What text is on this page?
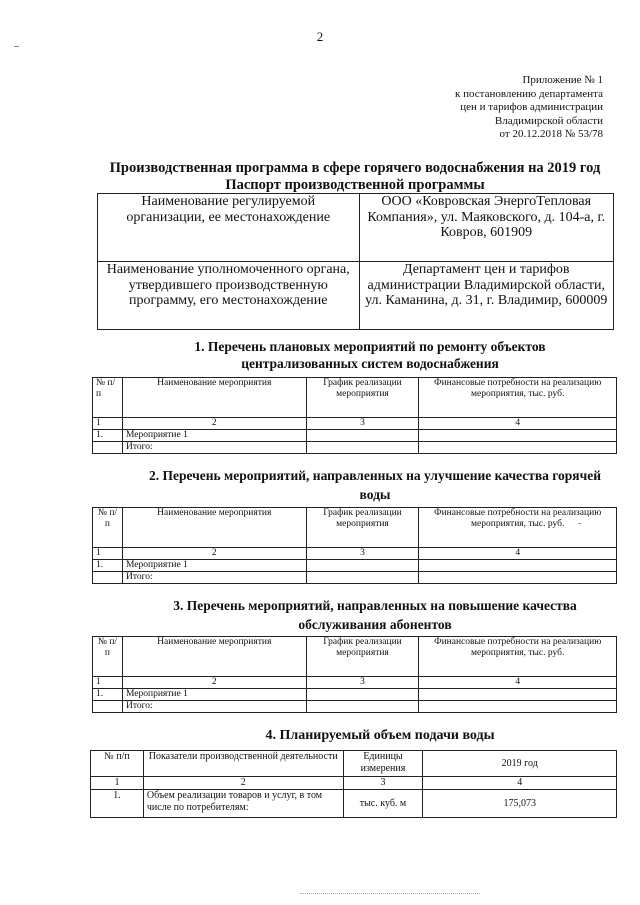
2
Приложение № 1
к постановлению департамента
цен и тарифов администрации
Владимирской области
от 20.12.2018 № 53/78
Производственная программа в сфере горячего водоснабжения на 2019 год
Паспорт производственной программы
Наименование регулируемой организации, ее местонахождение	ООО «Ковровская ЭнергоТепловая Компания», ул. Маяковского, д. 104-а, г. Ковров, 601909
Наименование уполномоченного органа, утвердившего производственную программу, его местонахождение	Департамент цен и тарифов администрации Владимирской области, ул. Каманина, д. 31, г. Владимир, 600009
1. Перечень плановых мероприятий по ремонту объектов централизованных систем водоснабжения
№ п/п	Наименование мероприятия	График реализации мероприятия	Финансовые потребности на реализацию мероприятия, тыс. руб.
1	2	3	4
1.	Мероприятие 1		
	Итого:		
2. Перечень мероприятий, направленных на улучшение качества горячей воды
№ п/п	Наименование мероприятия	График реализации мероприятия	Финансовые потребности на реализацию мероприятия, тыс. руб.
1	2	3	4
1.	Мероприятие 1		
	Итого:		
3. Перечень мероприятий, направленных на повышение качества обслуживания абонентов
№ п/п	Наименование мероприятия	График реализации мероприятия	Финансовые потребности на реализацию мероприятия, тыс. руб.
1	2	3	4
1.	Мероприятие 1		
	Итого:		
4. Планируемый объем подачи воды
№ п/п	Показатели производственной деятельности	Единицы измерения	2019 год
1	2	3	4
1.	Объем реализации товаров и услуг, в том числе по потребителям:	тыс. куб. м	175,073
